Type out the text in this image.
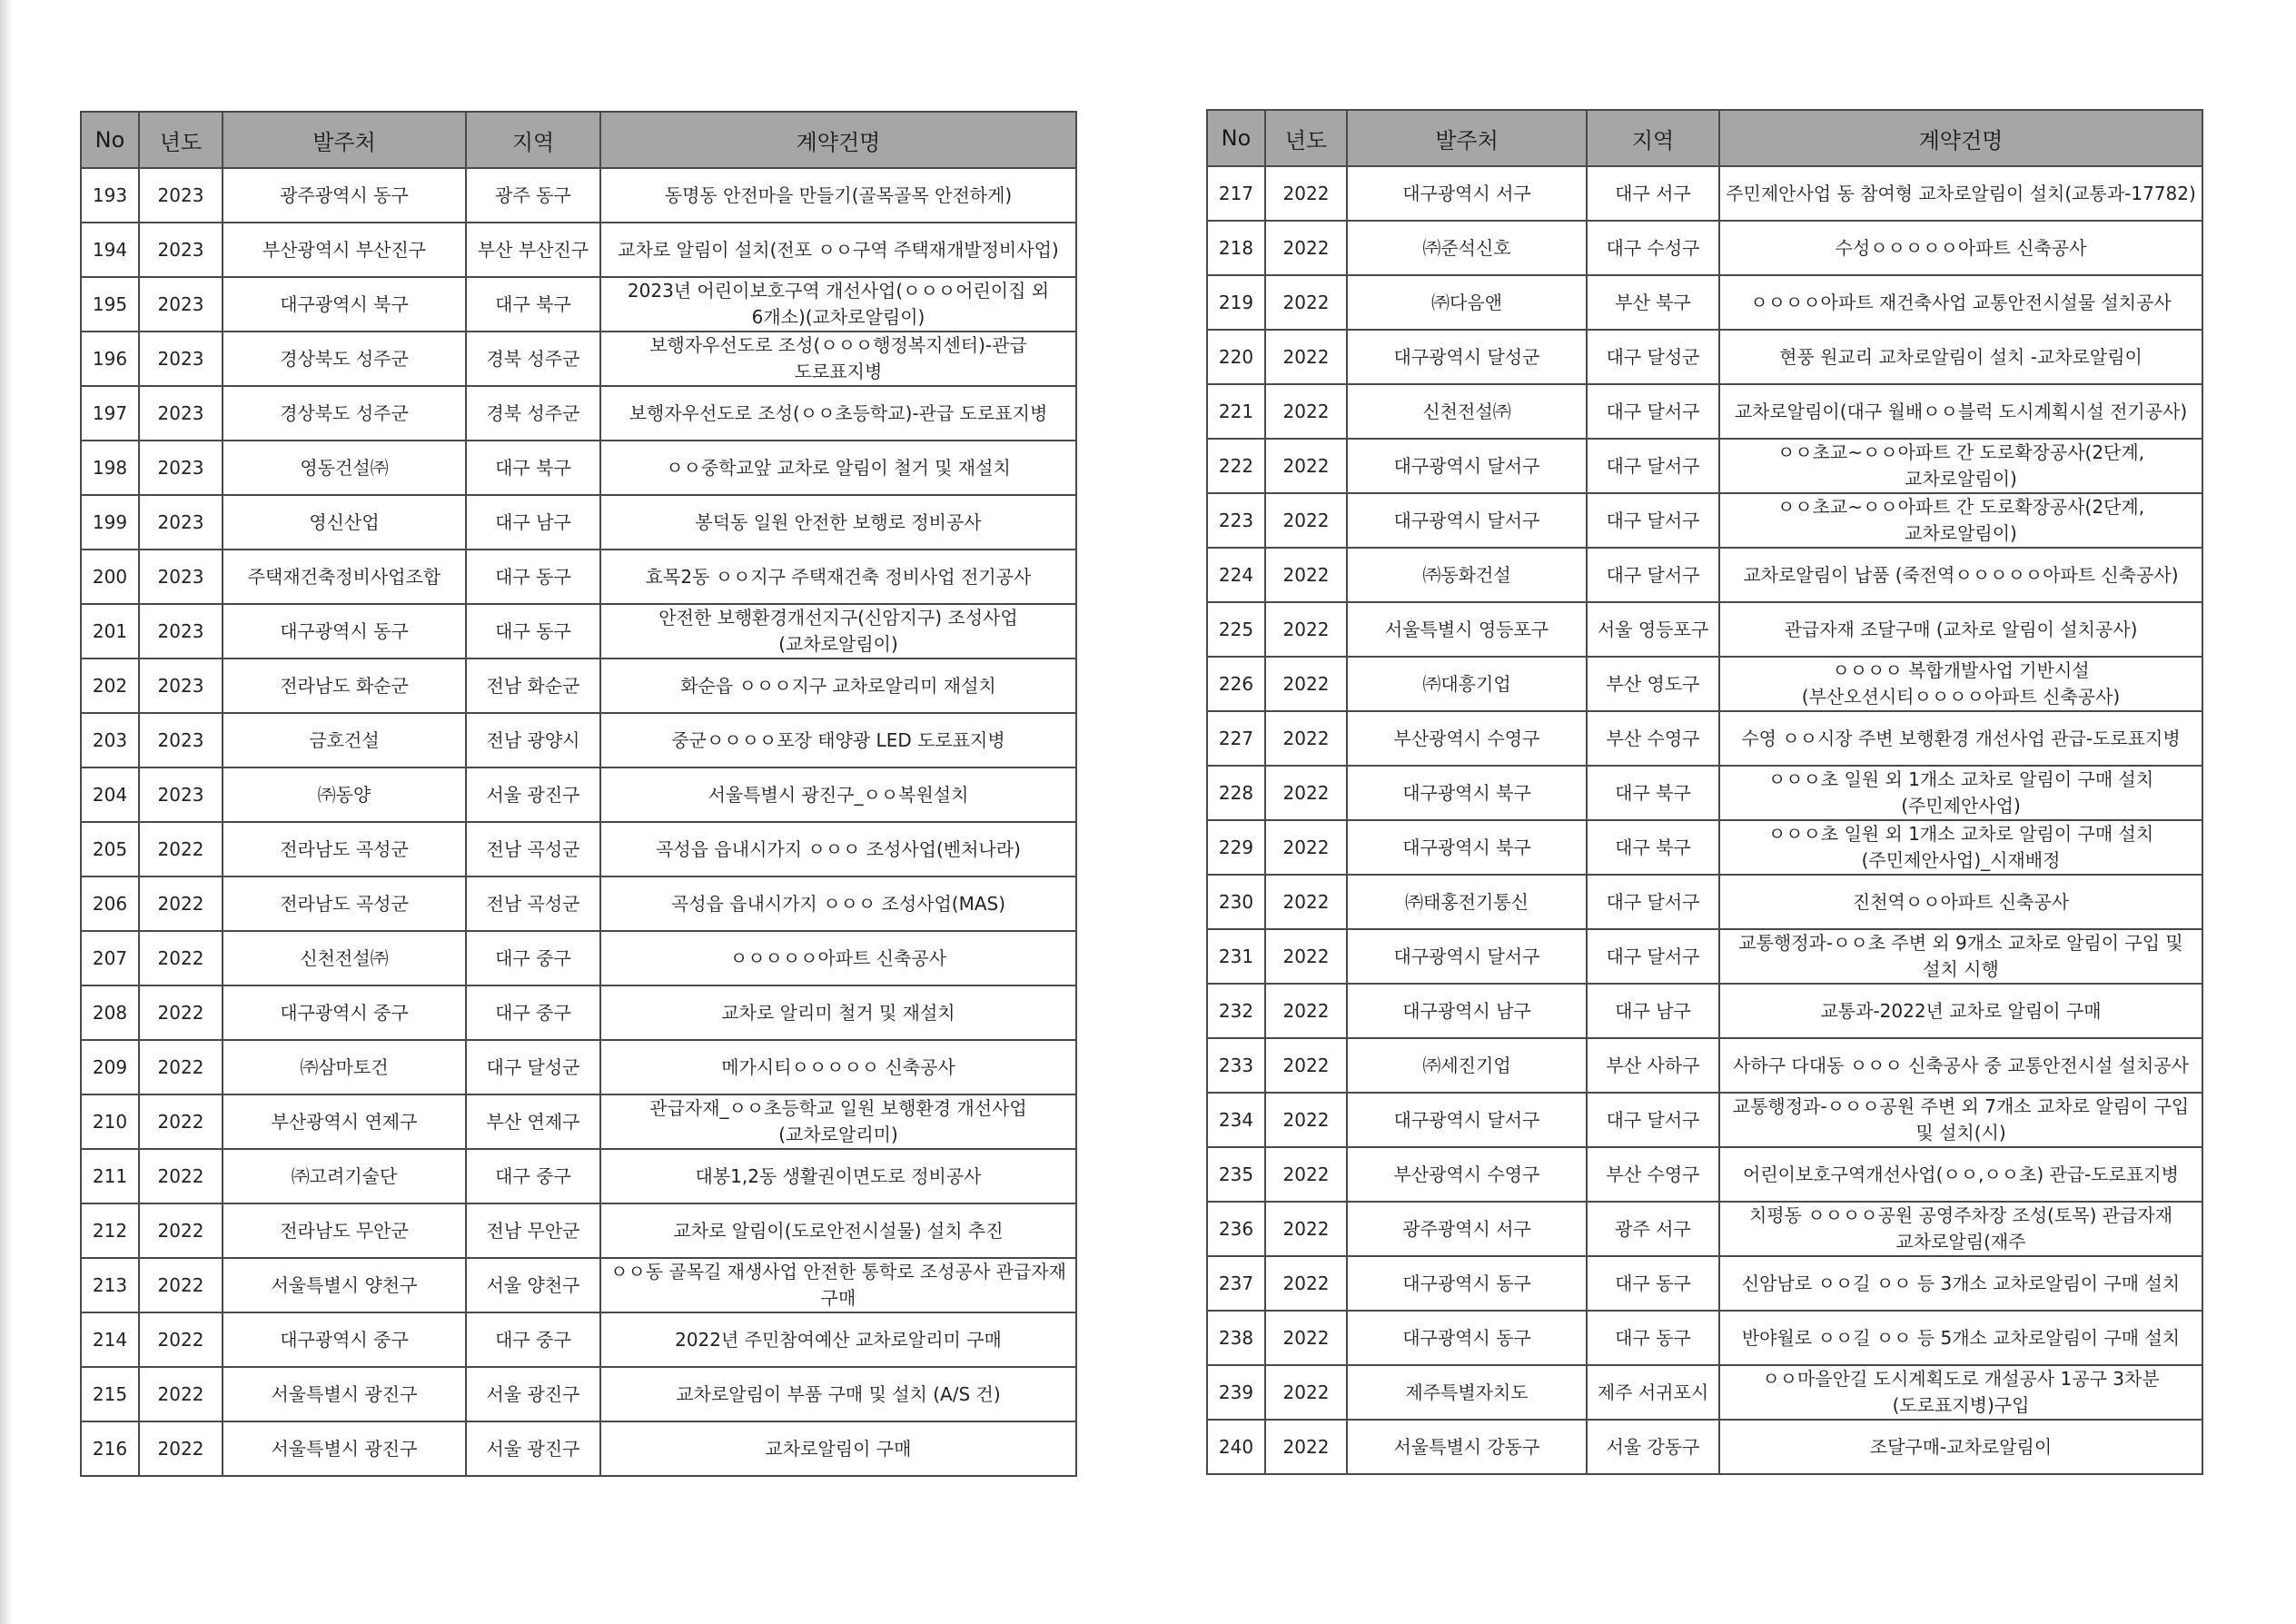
No	년도	발주처	지역	계약건명
193	2023	광주광역시 동구	광주 동구	동명동 안전마을 만들기(골목골목 안전하게)
194	2023	부산광역시 부산진구	부산 부산진구	교차로 알림이 설치(전포 ㅇㅇ구역 주택재개발정비사업)
195	2023	대구광역시 북구	대구 북구	2023년 어린이보호구역 개선사업(ㅇㅇㅇ어린이집 외 6개소)(교차로알림이)
196	2023	경상북도 성주군	경북 성주군	보행자우선도로 조성(ㅇㅇㅇ행정복지센터)-관급 도로표지병
197	2023	경상북도 성주군	경북 성주군	보행자우선도로 조성(ㅇㅇ초등학교)-관급 도로표지병
198	2023	영동건설㈜	대구 북구	ㅇㅇ중학교앞 교차로 알림이 철거 및 재설치
199	2023	영신산업	대구 남구	봉덕동 일원 안전한 보행로 정비공사
200	2023	주택재건축정비사업조합	대구 동구	효목2동 ㅇㅇ지구 주택재건축 정비사업 전기공사
201	2023	대구광역시 동구	대구 동구	안전한 보행환경개선지구(신암지구) 조성사업(교차로알림이)
202	2023	전라남도 화순군	전남 화순군	화순읍 ㅇㅇㅇ지구 교차로알리미 재설치
203	2023	금호건설	전남 광양시	중군ㅇㅇㅇㅇ포장 태양광 LED 도로표지병
204	2023	㈜동양	서울 광진구	서울특별시 광진구_ㅇㅇ복원설치
205	2022	전라남도 곡성군	전남 곡성군	곡성읍 읍내시가지 ㅇㅇㅇ 조성사업(벤처나라)
206	2022	전라남도 곡성군	전남 곡성군	곡성읍 읍내시가지 ㅇㅇㅇ 조성사업(MAS)
207	2022	신천전설㈜	대구 중구	ㅇㅇㅇㅇㅇ아파트 신축공사
208	2022	대구광역시 중구	대구 중구	교차로 알리미 철거 및 재설치
209	2022	㈜삼마토건	대구 달성군	메가시티ㅇㅇㅇㅇㅇ 신축공사
210	2022	부산광역시 연제구	부산 연제구	관급자재_ㅇㅇ초등학교 일원 보행환경 개선사업(교차로알리미)
211	2022	㈜고려기술단	대구 중구	대봉1,2동 생활권이면도로 정비공사
212	2022	전라남도 무안군	전남 무안군	교차로 알림이(도로안전시설물) 설치 추진
213	2022	서울특별시 양천구	서울 양천구	ㅇㅇ동 골목길 재생사업 안전한 통학로 조성공사 관급자재 구매
214	2022	대구광역시 중구	대구 중구	2022년 주민참여예산 교차로알리미 구매
215	2022	서울특별시 광진구	서울 광진구	교차로알림이 부품 구매 및 설치 (A/S 건)
216	2022	서울특별시 광진구	서울 광진구	교차로알림이 구매
No	년도	발주처	지역	계약건명
217	2022	대구광역시 서구	대구 서구	주민제안사업 동 참여형 교차로알림이 설치(교통과-17782)
218	2022	㈜준석신호	대구 수성구	수성ㅇㅇㅇㅇㅇ아파트 신축공사
219	2022	㈜다음앤	부산 북구	ㅇㅇㅇㅇ아파트 재건축사업 교통안전시설물 설치공사
220	2022	대구광역시 달성군	대구 달성군	현풍 원교리 교차로알림이 설치 -교차로알림이
221	2022	신천전설㈜	대구 달서구	교차로알림이(대구 월배ㅇㅇ블럭 도시계획시설 전기공사)
222	2022	대구광역시 달서구	대구 달서구	ㅇㅇ초교~ㅇㅇ아파트 간 도로확장공사(2단계, 교차로알림이)
223	2022	대구광역시 달서구	대구 달서구	ㅇㅇ초교~ㅇㅇ아파트 간 도로확장공사(2단계, 교차로알림이)
224	2022	㈜동화건설	대구 달서구	교차로알림이 납품 (죽전역ㅇㅇㅇㅇㅇ아파트 신축공사)
225	2022	서울특별시 영등포구	서울 영등포구	관급자재 조달구매 (교차로 알림이 설치공사)
226	2022	㈜대흥기업	부산 영도구	ㅇㅇㅇㅇ 복합개발사업 기반시설 (부산오션시티ㅇㅇㅇㅇ아파트 신축공사)
227	2022	부산광역시 수영구	부산 수영구	수영 ㅇㅇ시장 주변 보행환경 개선사업 관급-도로표지병
228	2022	대구광역시 북구	대구 북구	ㅇㅇㅇ초 일원 외 1개소 교차로 알림이 구매 설치(주민제안사업)
229	2022	대구광역시 북구	대구 북구	ㅇㅇㅇ초 일원 외 1개소 교차로 알림이 구매 설치(주민제안사업)_시재배정
230	2022	㈜태홍전기통신	대구 달서구	진천역ㅇㅇ아파트 신축공사
231	2022	대구광역시 달서구	대구 달서구	교통행정과-ㅇㅇ초 주변 외 9개소 교차로 알림이 구입 및 설치 시행
232	2022	대구광역시 남구	대구 남구	교통과-2022년 교차로 알림이 구매
233	2022	㈜세진기업	부산 사하구	사하구 다대동 ㅇㅇㅇ 신축공사 중 교통안전시설 설치공사
234	2022	대구광역시 달서구	대구 달서구	교통행정과-ㅇㅇㅇ공원 주변 외 7개소 교차로 알림이 구입 및 설치(시)
235	2022	부산광역시 수영구	부산 수영구	어린이보호구역개선사업(ㅇㅇ,ㅇㅇ초) 관급-도로표지병
236	2022	광주광역시 서구	광주 서구	치평동 ㅇㅇㅇㅇ공원 공영주차장 조성(토목) 관급자재 교차로알림(재주
237	2022	대구광역시 동구	대구 동구	신암남로 ㅇㅇ길 ㅇㅇ 등 3개소 교차로알림이 구매 설치
238	2022	대구광역시 동구	대구 동구	반야월로 ㅇㅇ길 ㅇㅇ 등 5개소 교차로알림이 구매 설치
239	2022	제주특별자치도	제주 서귀포시	ㅇㅇ마을안길 도시계획도로 개설공사 1공구 3차분(도로표지병)구입
240	2022	서울특별시 강동구	서울 강동구	조달구매-교차로알림이
